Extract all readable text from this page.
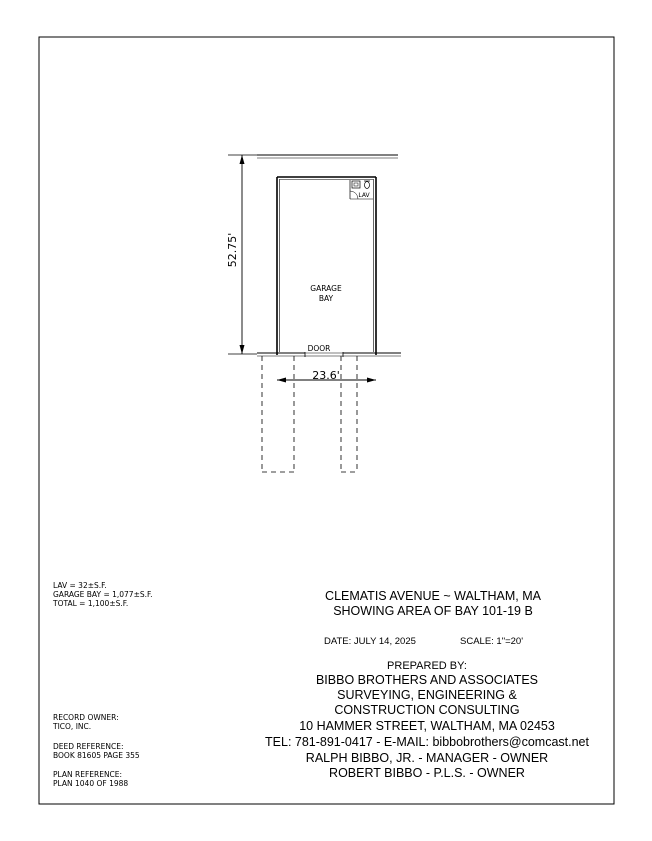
DOOR
LAV
GARAGE
BAY
52.75'
23.6'
LAV = 32±S.F.
GARAGE BAY = 1,077±S.F.
TOTAL = 1,100±S.F.
CLEMATIS AVENUE ~ WALTHAM, MA
SHOWING AREA OF BAY 101-19 B
DATE: JULY 14, 2025	SCALE: 1"=20'
PREPARED BY:
BIBBO BROTHERS AND ASSOCIATES
SURVEYING, ENGINEERING &
CONSTRUCTION CONSULTING
10 HAMMER STREET, WALTHAM, MA 02453
TEL: 781-891-0417 - E-MAIL: bibbobrothers@comcast.net
RALPH BIBBO, JR. - MANAGER - OWNER
ROBERT BIBBO - P.L.S. - OWNER
RECORD OWNER:
TICO, INC.
DEED REFERENCE:
BOOK 81605 PAGE 355
PLAN REFERENCE:
PLAN 1040 OF 1988
